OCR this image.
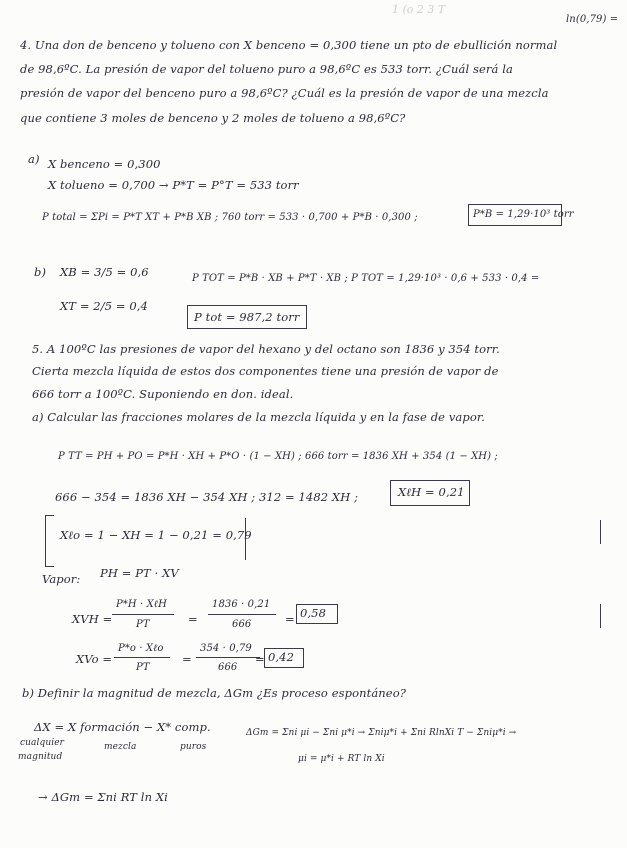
1 (o 2 3 T
ln(0,79) =
4. Una don de benceno y tolueno con X benceno = 0,300 tiene un pto de ebullición normal
de 98,6ºC. La presión de vapor del tolueno puro a 98,6ºC es 533 torr. ¿Cuál será la
presión de vapor del benceno puro a 98,6ºC? ¿Cuál es la presión de vapor de una mezcla
que contiene 3 moles de benceno y 2 moles de tolueno a 98,6ºC?
a) X benceno = 0,300
X tolueno = 0,700 → P*T = P°T = 533 torr
P total = ΣPi = P*T XT + P*B XB ; 760 torr = 533 · 0,700 + P*B · 0,300 ;	P*B = 1,29·10³ torr
b) XB = 3/5 = 0,6
XT = 2/5 = 0,4
P TOT = P*B · XB + P*T · XB ; P TOT = 1,29·10³ · 0,6 + 533 · 0,4 =
P tot = 987,2 torr
5. A 100ºC las presiones de vapor del hexano y del octano son 1836 y 354 torr.
Cierta mezcla líquida de estos dos componentes tiene una presión de vapor de
666 torr a 100ºC. Suponiendo en don. ideal.
a) Calcular las fracciones molares de la mezcla líquida y en la fase de vapor.
P TT = PH + PO = P*H · XH + P*O · (1 − XH) ; 666 torr = 1836 XH + 354 (1 − XH) ;
666 − 354 = 1836 XH − 354 XH ; 312 = 1482 XH ;	XℓH = 0,21
Xℓo = 1 − XH = 1 − 0,21 = 0,79
Vapor: PH = PT · XV
XVH =
P*H · XℓH
PT	=
1836 · 0,21
666	= 0,58
XVo =
P*o · Xℓo
PT
=
354 · 0,79
666
= 0,42
b) Definir la magnitud de mezcla, ΔGm ¿Es proceso espontáneo?
ΔX = X formación − X* comp.
cualquier
magnitud
mezcla	puros
ΔGm = Σni μi − Σni μ*i → Σniμ*i + Σni RlnXi T − Σniμ*i →
μi = μ*i + RT ln Xi
→ ΔGm = Σni RT ln Xi
